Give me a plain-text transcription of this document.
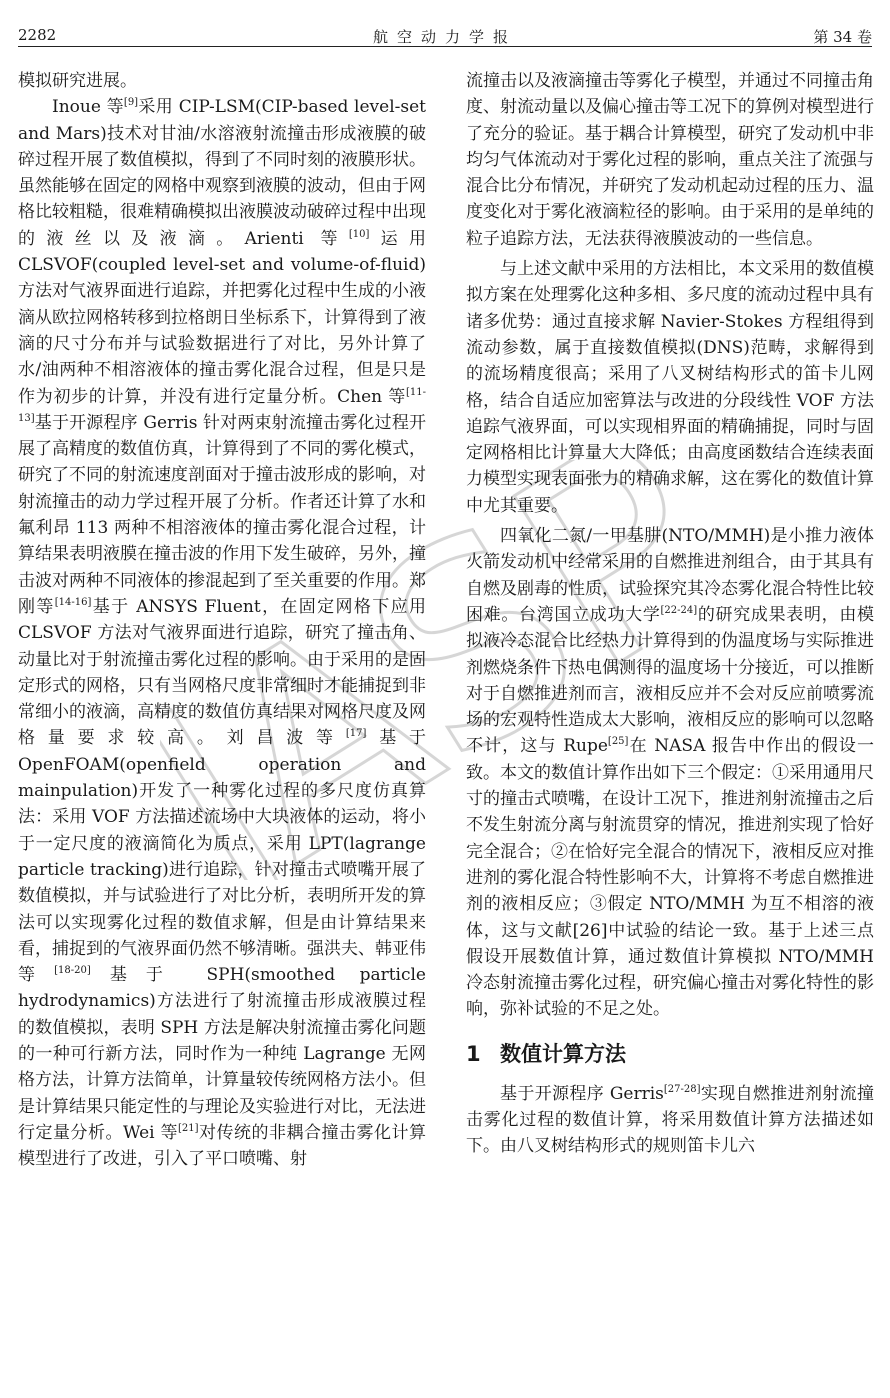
JASP
2282	航空动力学报	第 34 卷

模拟研究进展。

Inoue 等[9]采用 CIP-LSM(CIP-based level-set and Mars)技术对甘油/水溶液射流撞击形成液膜的破碎过程开展了数值模拟，得到了不同时刻的液膜形状。虽然能够在固定的网格中观察到液膜的波动，但由于网格比较粗糙，很难精确模拟出液膜波动破碎过程中出现的液丝以及液滴。Arienti 等[10]运用 CLSVOF(coupled level-set and volume-of-fluid)方法对气液界面进行追踪，并把雾化过程中生成的小液滴从欧拉网格转移到拉格朗日坐标系下，计算得到了液滴的尺寸分布并与试验数据进行了对比，另外计算了水/油两种不相溶液体的撞击雾化混合过程，但是只是作为初步的计算，并没有进行定量分析。Chen 等[11-13]基于开源程序 Gerris 针对两束射流撞击雾化过程开展了高精度的数值仿真，计算得到了不同的雾化模式，研究了不同的射流速度剖面对于撞击波形成的影响，对射流撞击的动力学过程开展了分析。作者还计算了水和氟利昂 113 两种不相溶液体的撞击雾化混合过程，计算结果表明液膜在撞击波的作用下发生破碎，另外，撞击波对两种不同液体的掺混起到了至关重要的作用。郑刚等[14-16]基于 ANSYS Fluent，在固定网格下应用 CLSVOF 方法对气液界面进行追踪，研究了撞击角、动量比对于射流撞击雾化过程的影响。由于采用的是固定形式的网格，只有当网格尺度非常细时才能捕捉到非常细小的液滴，高精度的数值仿真结果对网格尺度及网格量要求较高。刘昌波等[17]基于 OpenFOAM(openfield operation and mainpulation)开发了一种雾化过程的多尺度仿真算法：采用 VOF 方法描述流场中大块液体的运动，将小于一定尺度的液滴简化为质点，采用 LPT(lagrange particle tracking)进行追踪，针对撞击式喷嘴开展了数值模拟，并与试验进行了对比分析，表明所开发的算法可以实现雾化过程的数值求解，但是由计算结果来看，捕捉到的气液界面仍然不够清晰。强洪夫、韩亚伟等[18-20]基于 SPH(smoothed particle hydrodynamics)方法进行了射流撞击形成液膜过程的数值模拟，表明 SPH 方法是解决射流撞击雾化问题的一种可行新方法，同时作为一种纯 Lagrange 无网格方法，计算方法简单，计算量较传统网格方法小。但是计算结果只能定性的与理论及实验进行对比，无法进行定量分析。Wei 等[21]对传统的非耦合撞击雾化计算模型进行了改进，引入了平口喷嘴、射

流撞击以及液滴撞击等雾化子模型，并通过不同撞击角度、射流动量以及偏心撞击等工况下的算例对模型进行了充分的验证。基于耦合计算模型，研究了发动机中非均匀气体流动对于雾化过程的影响，重点关注了流强与混合比分布情况，并研究了发动机起动过程的压力、温度变化对于雾化液滴粒径的影响。由于采用的是单纯的粒子追踪方法，无法获得液膜波动的一些信息。

与上述文献中采用的方法相比，本文采用的数值模拟方案在处理雾化这种多相、多尺度的流动过程中具有诸多优势：通过直接求解 Navier-Stokes 方程组得到流动参数，属于直接数值模拟(DNS)范畴，求解得到的流场精度很高；采用了八叉树结构形式的笛卡儿网格，结合自适应加密算法与改进的分段线性 VOF 方法追踪气液界面，可以实现相界面的精确捕捉，同时与固定网格相比计算量大大降低；由高度函数结合连续表面力模型实现表面张力的精确求解，这在雾化的数值计算中尤其重要。

四氧化二氮/一甲基肼(NTO/MMH)是小推力液体火箭发动机中经常采用的自燃推进剂组合，由于其具有自燃及剧毒的性质，试验探究其冷态雾化混合特性比较困难。台湾国立成功大学[22-24]的研究成果表明，由模拟液冷态混合比经热力计算得到的伪温度场与实际推进剂燃烧条件下热电偶测得的温度场十分接近，可以推断对于自燃推进剂而言，液相反应并不会对反应前喷雾流场的宏观特性造成太大影响，液相反应的影响可以忽略不计，这与 Rupe[25]在 NASA 报告中作出的假设一致。本文的数值计算作出如下三个假定：①采用通用尺寸的撞击式喷嘴，在设计工况下，推进剂射流撞击之后不发生射流分离与射流贯穿的情况，推进剂实现了恰好完全混合；②在恰好完全混合的情况下，液相反应对推进剂的雾化混合特性影响不大，计算将不考虑自燃推进剂的液相反应；③假定 NTO/MMH 为互不相溶的液体，这与文献[26]中试验的结论一致。基于上述三点假设开展数值计算，通过数值计算模拟 NTO/MMH 冷态射流撞击雾化过程，研究偏心撞击对雾化特性的影响，弥补试验的不足之处。

1 数值计算方法

基于开源程序 Gerris[27-28]实现自燃推进剂射流撞击雾化过程的数值计算，将采用数值计算方法描述如下。由八叉树结构形式的规则笛卡儿六
